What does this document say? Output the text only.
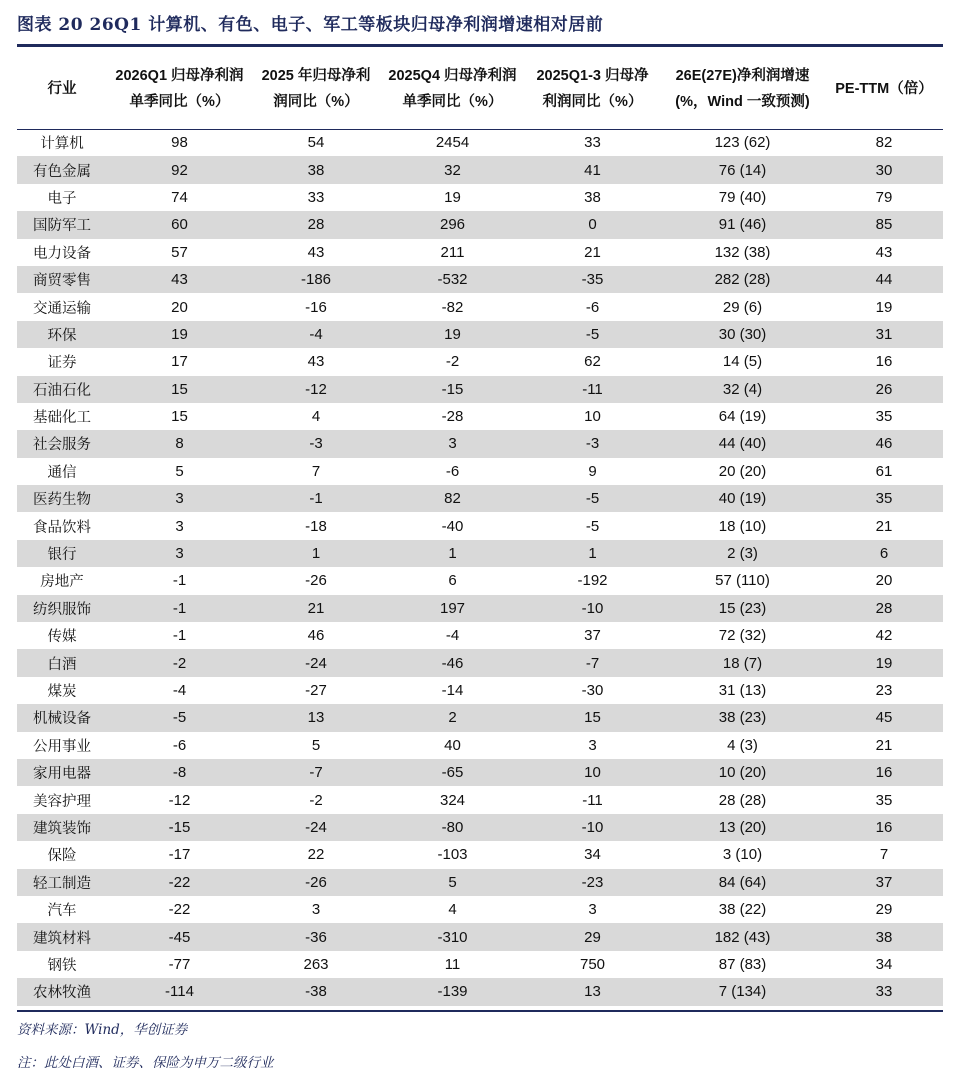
图表 20 26Q1 计算机、有色、电子、军工等板块归母净利润增速相对居前
行业	2026Q1 归母净利润单季同比（%）	2025 年归母净利润同比（%）	2025Q4 归母净利润单季同比（%）	2025Q1-3 归母净利润同比（%）	26E(27E)净利润增速(%，Wind 一致预测)	PE-TTM（倍）
计算机	98	54	2454	33	123 (62)	82
有色金属	92	38	32	41	76 (14)	30
电子	74	33	19	38	79 (40)	79
国防军工	60	28	296	0	91 (46)	85
电力设备	57	43	211	21	132 (38)	43
商贸零售	43	-186	-532	-35	282 (28)	44
交通运输	20	-16	-82	-6	29 (6)	19
环保	19	-4	19	-5	30 (30)	31
证券	17	43	-2	62	14 (5)	16
石油石化	15	-12	-15	-11	32 (4)	26
基础化工	15	4	-28	10	64 (19)	35
社会服务	8	-3	3	-3	44 (40)	46
通信	5	7	-6	9	20 (20)	61
医药生物	3	-1	82	-5	40 (19)	35
食品饮料	3	-18	-40	-5	18 (10)	21
银行	3	1	1	1	2 (3)	6
房地产	-1	-26	6	-192	57 (110)	20
纺织服饰	-1	21	197	-10	15 (23)	28
传媒	-1	46	-4	37	72 (32)	42
白酒	-2	-24	-46	-7	18 (7)	19
煤炭	-4	-27	-14	-30	31 (13)	23
机械设备	-5	13	2	15	38 (23)	45
公用事业	-6	5	40	3	4 (3)	21
家用电器	-8	-7	-65	10	10 (20)	16
美容护理	-12	-2	324	-11	28 (28)	35
建筑装饰	-15	-24	-80	-10	13 (20)	16
保险	-17	22	-103	34	3 (10)	7
轻工制造	-22	-26	5	-23	84 (64)	37
汽车	-22	3	4	3	38 (22)	29
建筑材料	-45	-36	-310	29	182 (43)	38
钢铁	-77	263	11	750	87 (83)	34
农林牧渔	-114	-38	-139	13	7 (134)	33
资料来源：Wind，华创证券
注：此处白酒、证券、保险为申万二级行业
